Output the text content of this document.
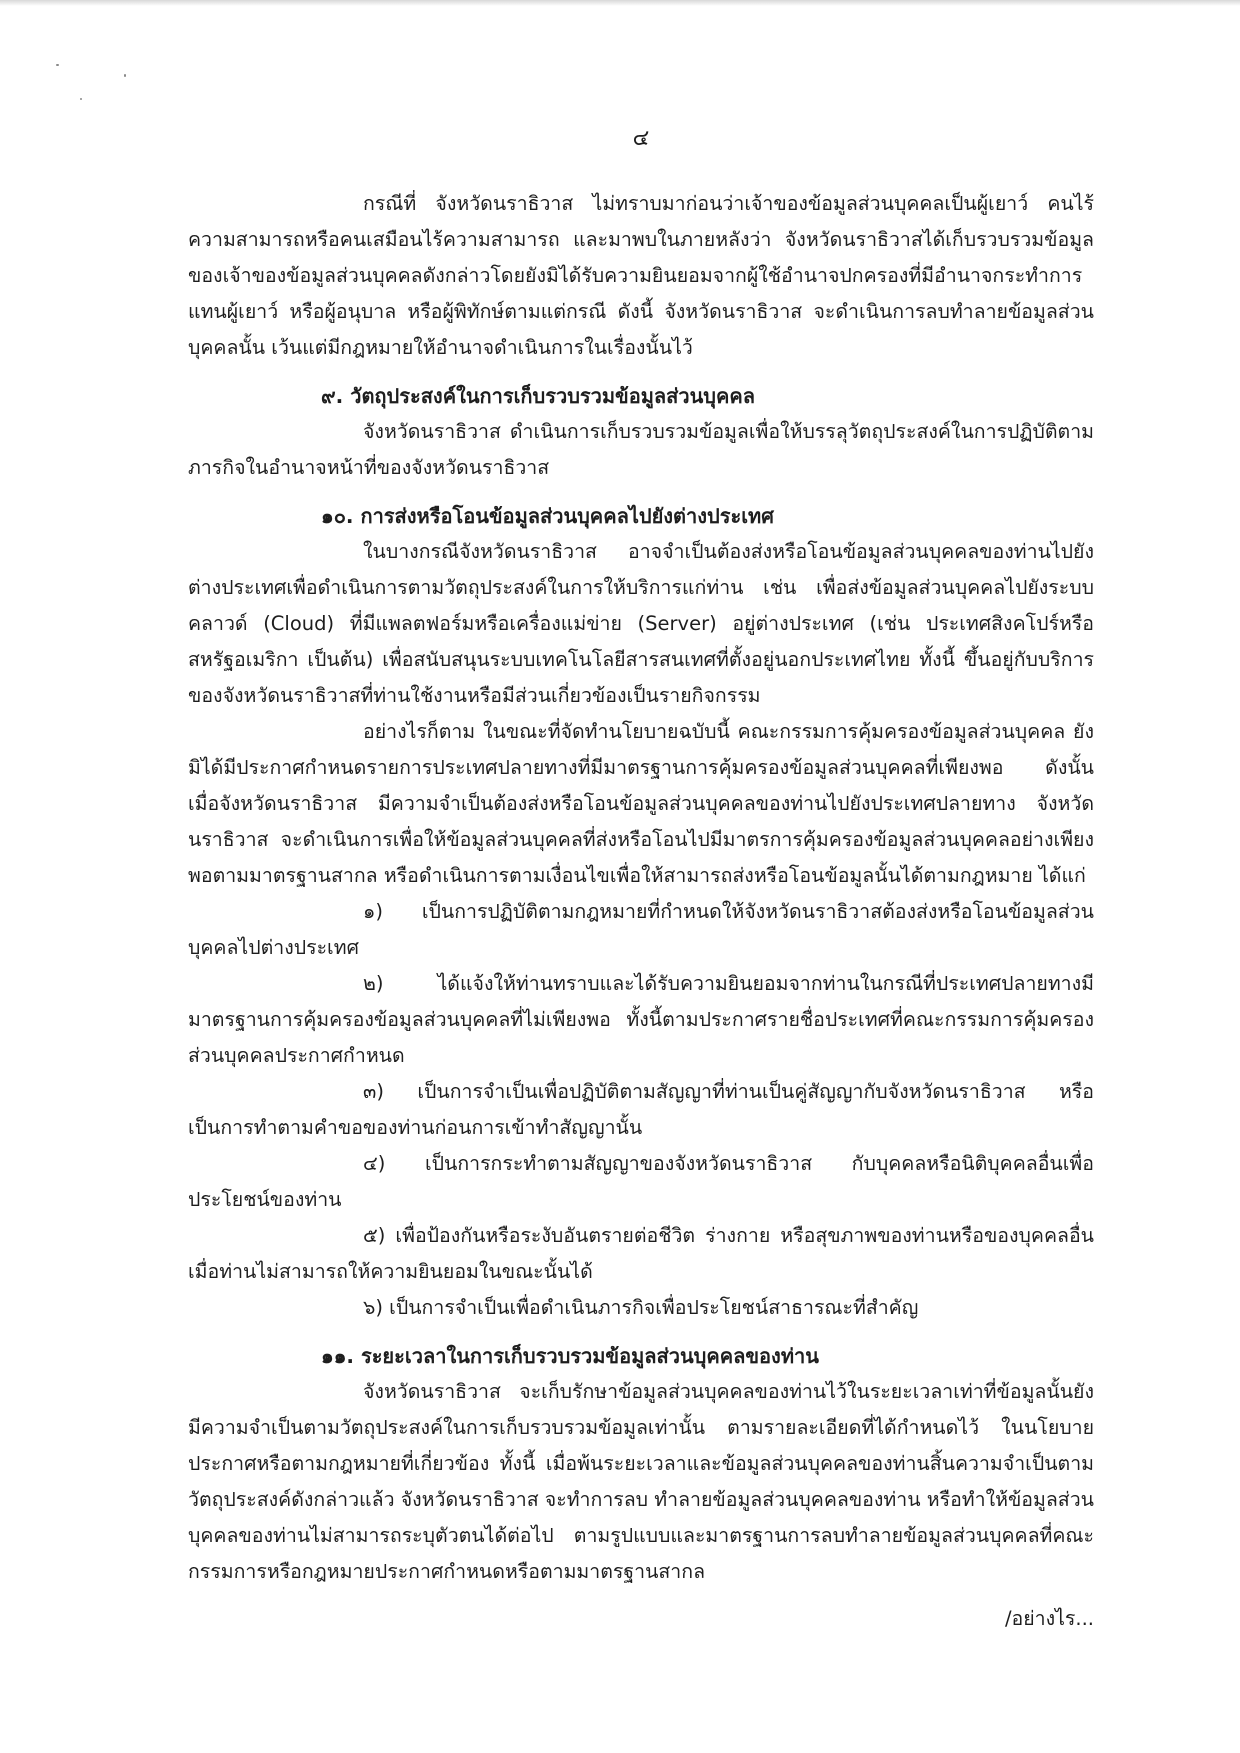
๔

กรณีที่ จังหวัดนราธิวาส ไม่ทราบมาก่อนว่าเจ้าของข้อมูลส่วนบุคคลเป็นผู้เยาว์ คนไร้ความสามารถหรือคนเสมือนไร้ความสามารถ และมาพบในภายหลังว่า จังหวัดนราธิวาสได้เก็บรวบรวมข้อมูลของเจ้าของข้อมูลส่วนบุคคลดังกล่าวโดยยังมิได้รับความยินยอมจากผู้ใช้อำนาจปกครองที่มีอำนาจกระทำการแทนผู้เยาว์ หรือผู้อนุบาล หรือผู้พิทักษ์ตามแต่กรณี ดังนี้ จังหวัดนราธิวาส จะดำเนินการลบทำลายข้อมูลส่วนบุคคลนั้น เว้นแต่มีกฎหมายให้อำนาจดำเนินการในเรื่องนั้นไว้

๙. วัตถุประสงค์ในการเก็บรวบรวมข้อมูลส่วนบุคคล

จังหวัดนราธิวาส ดำเนินการเก็บรวบรวมข้อมูลเพื่อให้บรรลุวัตถุประสงค์ในการปฏิบัติตามภารกิจในอำนาจหน้าที่ของจังหวัดนราธิวาส

๑๐. การส่งหรือโอนข้อมูลส่วนบุคคลไปยังต่างประเทศ

ในบางกรณีจังหวัดนราธิวาส อาจจำเป็นต้องส่งหรือโอนข้อมูลส่วนบุคคลของท่านไปยังต่างประเทศเพื่อดำเนินการตามวัตถุประสงค์ในการให้บริการแก่ท่าน เช่น เพื่อส่งข้อมูลส่วนบุคคลไปยังระบบคลาวด์ (Cloud) ที่มีแพลตฟอร์มหรือเครื่องแม่ข่าย (Server) อยู่ต่างประเทศ (เช่น ประเทศสิงคโปร์หรือสหรัฐอเมริกา เป็นต้น) เพื่อสนับสนุนระบบเทคโนโลยีสารสนเทศที่ตั้งอยู่นอกประเทศไทย ทั้งนี้ ขึ้นอยู่กับบริการของจังหวัดนราธิวาสที่ท่านใช้งานหรือมีส่วนเกี่ยวข้องเป็นรายกิจกรรม

อย่างไรก็ตาม ในขณะที่จัดทำนโยบายฉบับนี้ คณะกรรมการคุ้มครองข้อมูลส่วนบุคคล ยังมิได้มีประกาศกำหนดรายการประเทศปลายทางที่มีมาตรฐานการคุ้มครองข้อมูลส่วนบุคคลที่เพียงพอ ดังนั้น เมื่อจังหวัดนราธิวาส มีความจำเป็นต้องส่งหรือโอนข้อมูลส่วนบุคคลของท่านไปยังประเทศปลายทาง จังหวัดนราธิวาส จะดำเนินการเพื่อให้ข้อมูลส่วนบุคคลที่ส่งหรือโอนไปมีมาตรการคุ้มครองข้อมูลส่วนบุคคลอย่างเพียงพอตามมาตรฐานสากล หรือดำเนินการตามเงื่อนไขเพื่อให้สามารถส่งหรือโอนข้อมูลนั้นได้ตามกฎหมาย ได้แก่

๑) เป็นการปฏิบัติตามกฎหมายที่กำหนดให้จังหวัดนราธิวาสต้องส่งหรือโอนข้อมูลส่วนบุคคลไปต่างประเทศ

๒) ได้แจ้งให้ท่านทราบและได้รับความยินยอมจากท่านในกรณีที่ประเทศปลายทางมีมาตรฐานการคุ้มครองข้อมูลส่วนบุคคลที่ไม่เพียงพอ ทั้งนี้ตามประกาศรายชื่อประเทศที่คณะกรรมการคุ้มครองส่วนบุคคลประกาศกำหนด

๓) เป็นการจำเป็นเพื่อปฏิบัติตามสัญญาที่ท่านเป็นคู่สัญญากับจังหวัดนราธิวาส หรือเป็นการทำตามคำขอของท่านก่อนการเข้าทำสัญญานั้น

๔) เป็นการกระทำตามสัญญาของจังหวัดนราธิวาส กับบุคคลหรือนิติบุคคลอื่นเพื่อประโยชน์ของท่าน

๕) เพื่อป้องกันหรือระงับอันตรายต่อชีวิต ร่างกาย หรือสุขภาพของท่านหรือของบุคคลอื่น เมื่อท่านไม่สามารถให้ความยินยอมในขณะนั้นได้

๖) เป็นการจำเป็นเพื่อดำเนินภารกิจเพื่อประโยชน์สาธารณะที่สำคัญ

๑๑. ระยะเวลาในการเก็บรวบรวมข้อมูลส่วนบุคคลของท่าน

จังหวัดนราธิวาส จะเก็บรักษาข้อมูลส่วนบุคคลของท่านไว้ในระยะเวลาเท่าที่ข้อมูลนั้นยังมีความจำเป็นตามวัตถุประสงค์ในการเก็บรวบรวมข้อมูลเท่านั้น ตามรายละเอียดที่ได้กำหนดไว้ ในนโยบาย ประกาศหรือตามกฎหมายที่เกี่ยวข้อง ทั้งนี้ เมื่อพ้นระยะเวลาและข้อมูลส่วนบุคคลของท่านสิ้นความจำเป็นตามวัตถุประสงค์ดังกล่าวแล้ว จังหวัดนราธิวาส จะทำการลบ ทำลายข้อมูลส่วนบุคคลของท่าน หรือทำให้ข้อมูลส่วนบุคคลของท่านไม่สามารถระบุตัวตนได้ต่อไป ตามรูปแบบและมาตรฐานการลบทำลายข้อมูลส่วนบุคคลที่คณะกรรมการหรือกฎหมายประกาศกำหนดหรือตามมาตรฐานสากล

/อย่างไร...
